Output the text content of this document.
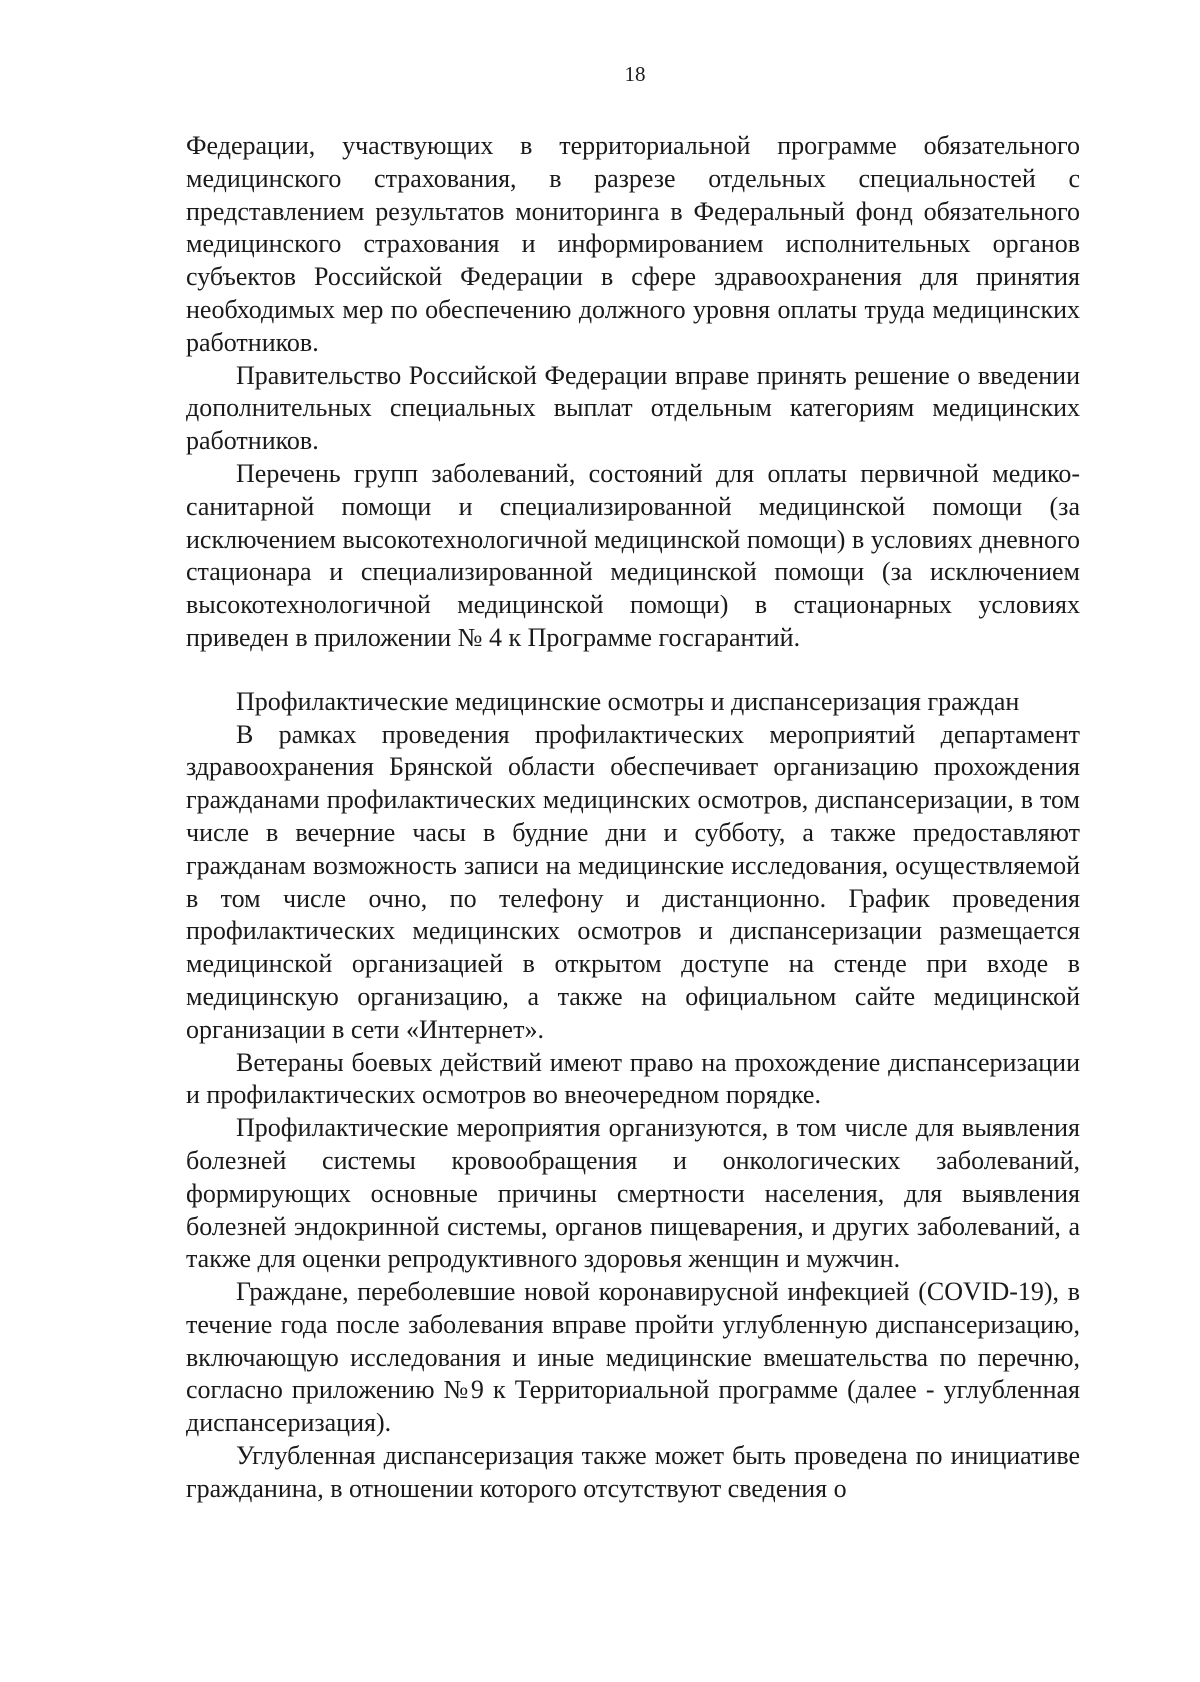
18

Федерации, участвующих в территориальной программе обязательного медицинского страхования, в разрезе отдельных специальностей с представлением результатов мониторинга в Федеральный фонд обязательного медицинского страхования и информированием исполнительных органов субъектов Российской Федерации в сфере здравоохранения для принятия необходимых мер по обеспечению должного уровня оплаты труда медицинских работников.

Правительство Российской Федерации вправе принять решение о введении дополнительных специальных выплат отдельным категориям медицинских работников.

Перечень групп заболеваний, состояний для оплаты первичной медико-санитарной помощи и специализированной медицинской помощи (за исключением высокотехнологичной медицинской помощи) в условиях дневного стационара и специализированной медицинской помощи (за исключением высокотехнологичной медицинской помощи) в стационарных условиях приведен в приложении № 4 к Программе госгарантий.

Профилактические медицинские осмотры и диспансеризация граждан

В рамках проведения профилактических мероприятий департамент здравоохранения Брянской области обеспечивает организацию прохождения гражданами профилактических медицинских осмотров, диспансеризации, в том числе в вечерние часы в будние дни и субботу, а также предоставляют гражданам возможность записи на медицинские исследования, осуществляемой в том числе очно, по телефону и дистанционно. График проведения профилактических медицинских осмотров и диспансеризации размещается медицинской организацией в открытом доступе на стенде при входе в медицинскую организацию, а также на официальном сайте медицинской организации в сети «Интернет».

Ветераны боевых действий имеют право на прохождение диспансеризации и профилактических осмотров во внеочередном порядке.

Профилактические мероприятия организуются, в том числе для выявления болезней системы кровообращения и онкологических заболеваний, формирующих основные причины смертности населения, для выявления болезней эндокринной системы, органов пищеварения, и других заболеваний, а также для оценки репродуктивного здоровья женщин и мужчин.

Граждане, переболевшие новой коронавирусной инфекцией (COVID-19), в течение года после заболевания вправе пройти углубленную диспансеризацию, включающую исследования и иные медицинские вмешательства по перечню, согласно приложению №9 к Территориальной программе (далее - углубленная диспансеризация).

Углубленная диспансеризация также может быть проведена по инициативе гражданина, в отношении которого отсутствуют сведения о
